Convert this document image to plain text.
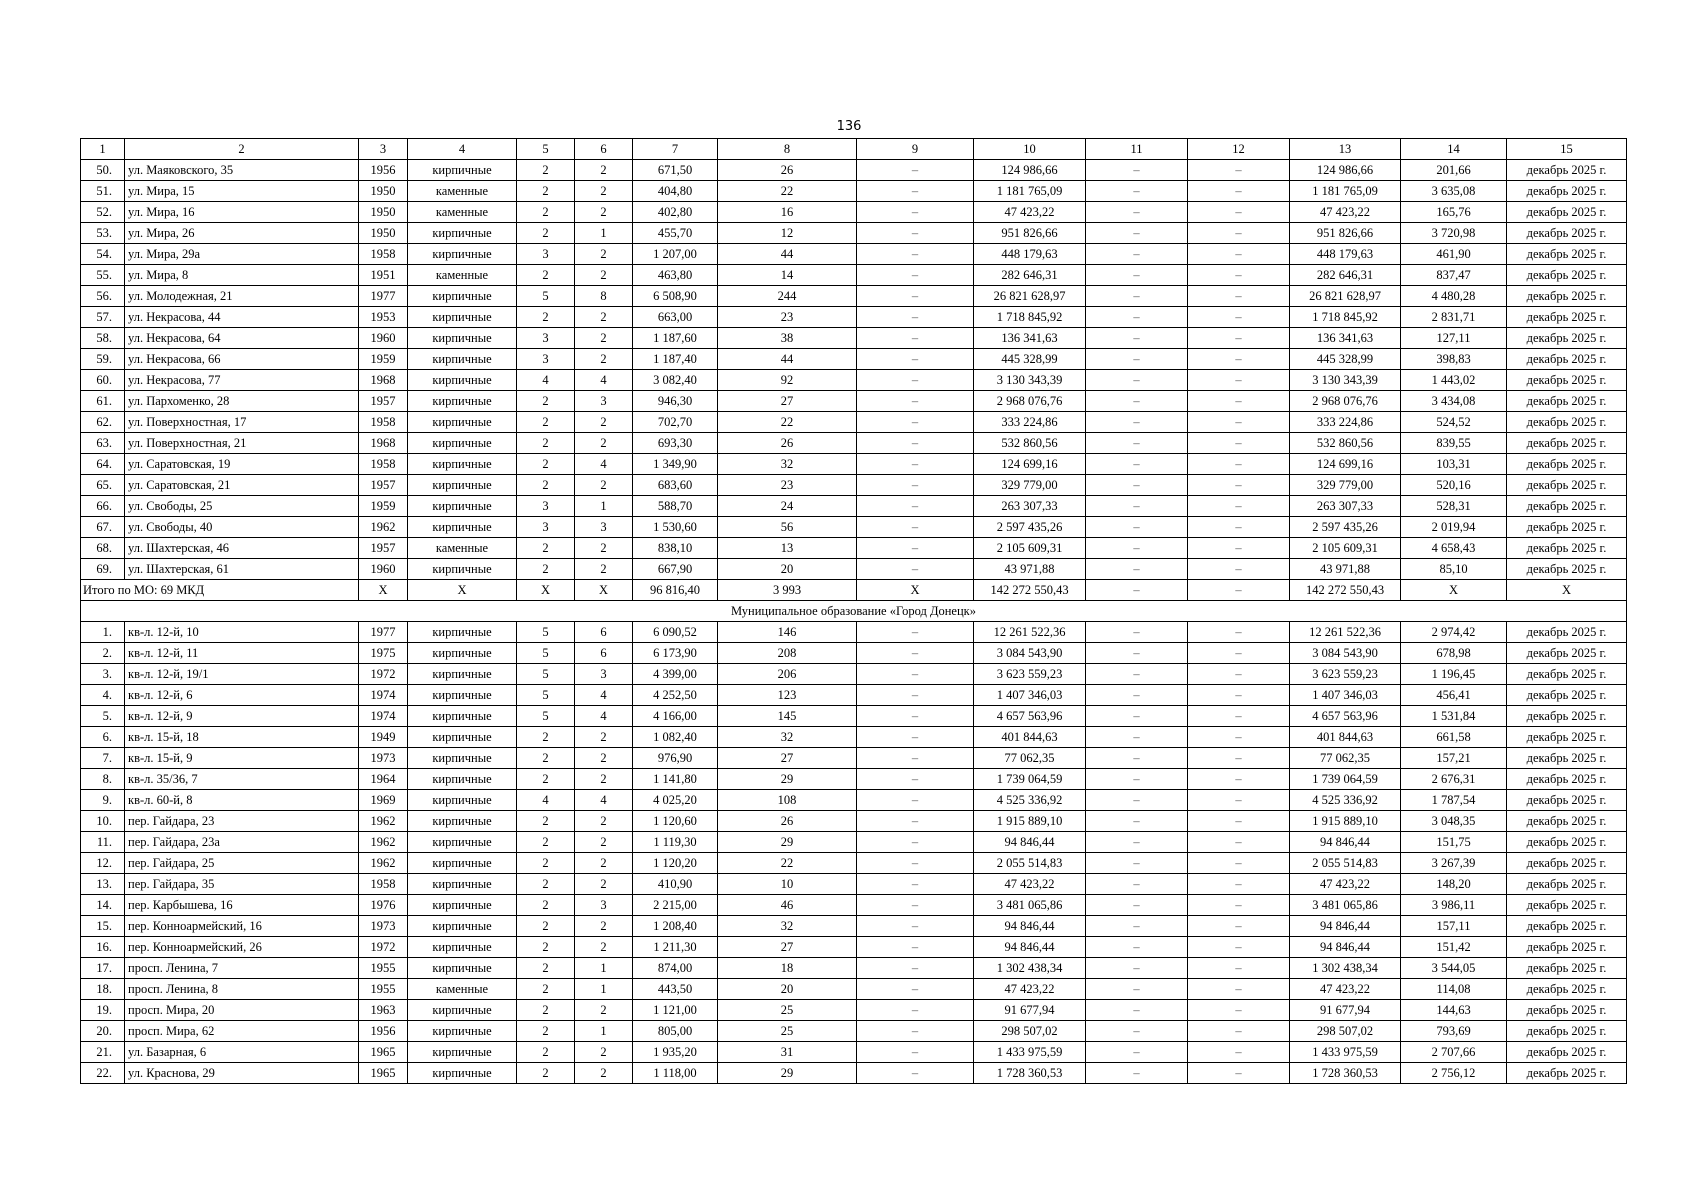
136
1	2	3	4	5	6	7	8	9	10	11	12	13	14	15
50.	ул. Маяковского, 35	1956	кирпичные	2	2	671,50	26	–	124 986,66	–	–	124 986,66	201,66	декабрь 2025 г.
51.	ул. Мира, 15	1950	каменные	2	2	404,80	22	–	1 181 765,09	–	–	1 181 765,09	3 635,08	декабрь 2025 г.
52.	ул. Мира, 16	1950	каменные	2	2	402,80	16	–	47 423,22	–	–	47 423,22	165,76	декабрь 2025 г.
53.	ул. Мира, 26	1950	кирпичные	2	1	455,70	12	–	951 826,66	–	–	951 826,66	3 720,98	декабрь 2025 г.
54.	ул. Мира, 29а	1958	кирпичные	3	2	1 207,00	44	–	448 179,63	–	–	448 179,63	461,90	декабрь 2025 г.
55.	ул. Мира, 8	1951	каменные	2	2	463,80	14	–	282 646,31	–	–	282 646,31	837,47	декабрь 2025 г.
56.	ул. Молодежная, 21	1977	кирпичные	5	8	6 508,90	244	–	26 821 628,97	–	–	26 821 628,97	4 480,28	декабрь 2025 г.
57.	ул. Некрасова, 44	1953	кирпичные	2	2	663,00	23	–	1 718 845,92	–	–	1 718 845,92	2 831,71	декабрь 2025 г.
58.	ул. Некрасова, 64	1960	кирпичные	3	2	1 187,60	38	–	136 341,63	–	–	136 341,63	127,11	декабрь 2025 г.
59.	ул. Некрасова, 66	1959	кирпичные	3	2	1 187,40	44	–	445 328,99	–	–	445 328,99	398,83	декабрь 2025 г.
60.	ул. Некрасова, 77	1968	кирпичные	4	4	3 082,40	92	–	3 130 343,39	–	–	3 130 343,39	1 443,02	декабрь 2025 г.
61.	ул. Пархоменко, 28	1957	кирпичные	2	3	946,30	27	–	2 968 076,76	–	–	2 968 076,76	3 434,08	декабрь 2025 г.
62.	ул. Поверхностная, 17	1958	кирпичные	2	2	702,70	22	–	333 224,86	–	–	333 224,86	524,52	декабрь 2025 г.
63.	ул. Поверхностная, 21	1968	кирпичные	2	2	693,30	26	–	532 860,56	–	–	532 860,56	839,55	декабрь 2025 г.
64.	ул. Саратовская, 19	1958	кирпичные	2	4	1 349,90	32	–	124 699,16	–	–	124 699,16	103,31	декабрь 2025 г.
65.	ул. Саратовская, 21	1957	кирпичные	2	2	683,60	23	–	329 779,00	–	–	329 779,00	520,16	декабрь 2025 г.
66.	ул. Свободы, 25	1959	кирпичные	3	1	588,70	24	–	263 307,33	–	–	263 307,33	528,31	декабрь 2025 г.
67.	ул. Свободы, 40	1962	кирпичные	3	3	1 530,60	56	–	2 597 435,26	–	–	2 597 435,26	2 019,94	декабрь 2025 г.
68.	ул. Шахтерская, 46	1957	каменные	2	2	838,10	13	–	2 105 609,31	–	–	2 105 609,31	4 658,43	декабрь 2025 г.
69.	ул. Шахтерская, 61	1960	кирпичные	2	2	667,90	20	–	43 971,88	–	–	43 971,88	85,10	декабрь 2025 г.
Итого по МО: 69 МКД		X	X	X	X	96 816,40	3 993	X	142 272 550,43	–	–	142 272 550,43	X	X
Муниципальное образование «Город Донецк»														
1.	кв-л. 12-й, 10	1977	кирпичные	5	6	6 090,52	146	–	12 261 522,36	–	–	12 261 522,36	2 974,42	декабрь 2025 г.
2.	кв-л. 12-й, 11	1975	кирпичные	5	6	6 173,90	208	–	3 084 543,90	–	–	3 084 543,90	678,98	декабрь 2025 г.
3.	кв-л. 12-й, 19/1	1972	кирпичные	5	3	4 399,00	206	–	3 623 559,23	–	–	3 623 559,23	1 196,45	декабрь 2025 г.
4.	кв-л. 12-й, 6	1974	кирпичные	5	4	4 252,50	123	–	1 407 346,03	–	–	1 407 346,03	456,41	декабрь 2025 г.
5.	кв-л. 12-й, 9	1974	кирпичные	5	4	4 166,00	145	–	4 657 563,96	–	–	4 657 563,96	1 531,84	декабрь 2025 г.
6.	кв-л. 15-й, 18	1949	кирпичные	2	2	1 082,40	32	–	401 844,63	–	–	401 844,63	661,58	декабрь 2025 г.
7.	кв-л. 15-й, 9	1973	кирпичные	2	2	976,90	27	–	77 062,35	–	–	77 062,35	157,21	декабрь 2025 г.
8.	кв-л. 35/36, 7	1964	кирпичные	2	2	1 141,80	29	–	1 739 064,59	–	–	1 739 064,59	2 676,31	декабрь 2025 г.
9.	кв-л. 60-й, 8	1969	кирпичные	4	4	4 025,20	108	–	4 525 336,92	–	–	4 525 336,92	1 787,54	декабрь 2025 г.
10.	пер. Гайдара, 23	1962	кирпичные	2	2	1 120,60	26	–	1 915 889,10	–	–	1 915 889,10	3 048,35	декабрь 2025 г.
11.	пер. Гайдара, 23а	1962	кирпичные	2	2	1 119,30	29	–	94 846,44	–	–	94 846,44	151,75	декабрь 2025 г.
12.	пер. Гайдара, 25	1962	кирпичные	2	2	1 120,20	22	–	2 055 514,83	–	–	2 055 514,83	3 267,39	декабрь 2025 г.
13.	пер. Гайдара, 35	1958	кирпичные	2	2	410,90	10	–	47 423,22	–	–	47 423,22	148,20	декабрь 2025 г.
14.	пер. Карбышева, 16	1976	кирпичные	2	3	2 215,00	46	–	3 481 065,86	–	–	3 481 065,86	3 986,11	декабрь 2025 г.
15.	пер. Конноармейский, 16	1973	кирпичные	2	2	1 208,40	32	–	94 846,44	–	–	94 846,44	157,11	декабрь 2025 г.
16.	пер. Конноармейский, 26	1972	кирпичные	2	2	1 211,30	27	–	94 846,44	–	–	94 846,44	151,42	декабрь 2025 г.
17.	просп. Ленина, 7	1955	кирпичные	2	1	874,00	18	–	1 302 438,34	–	–	1 302 438,34	3 544,05	декабрь 2025 г.
18.	просп. Ленина, 8	1955	каменные	2	1	443,50	20	–	47 423,22	–	–	47 423,22	114,08	декабрь 2025 г.
19.	просп. Мира, 20	1963	кирпичные	2	2	1 121,00	25	–	91 677,94	–	–	91 677,94	144,63	декабрь 2025 г.
20.	просп. Мира, 62	1956	кирпичные	2	1	805,00	25	–	298 507,02	–	–	298 507,02	793,69	декабрь 2025 г.
21.	ул. Базарная, 6	1965	кирпичные	2	2	1 935,20	31	–	1 433 975,59	–	–	1 433 975,59	2 707,66	декабрь 2025 г.
22.	ул. Краснова, 29	1965	кирпичные	2	2	1 118,00	29	–	1 728 360,53	–	–	1 728 360,53	2 756,12	декабрь 2025 г.
